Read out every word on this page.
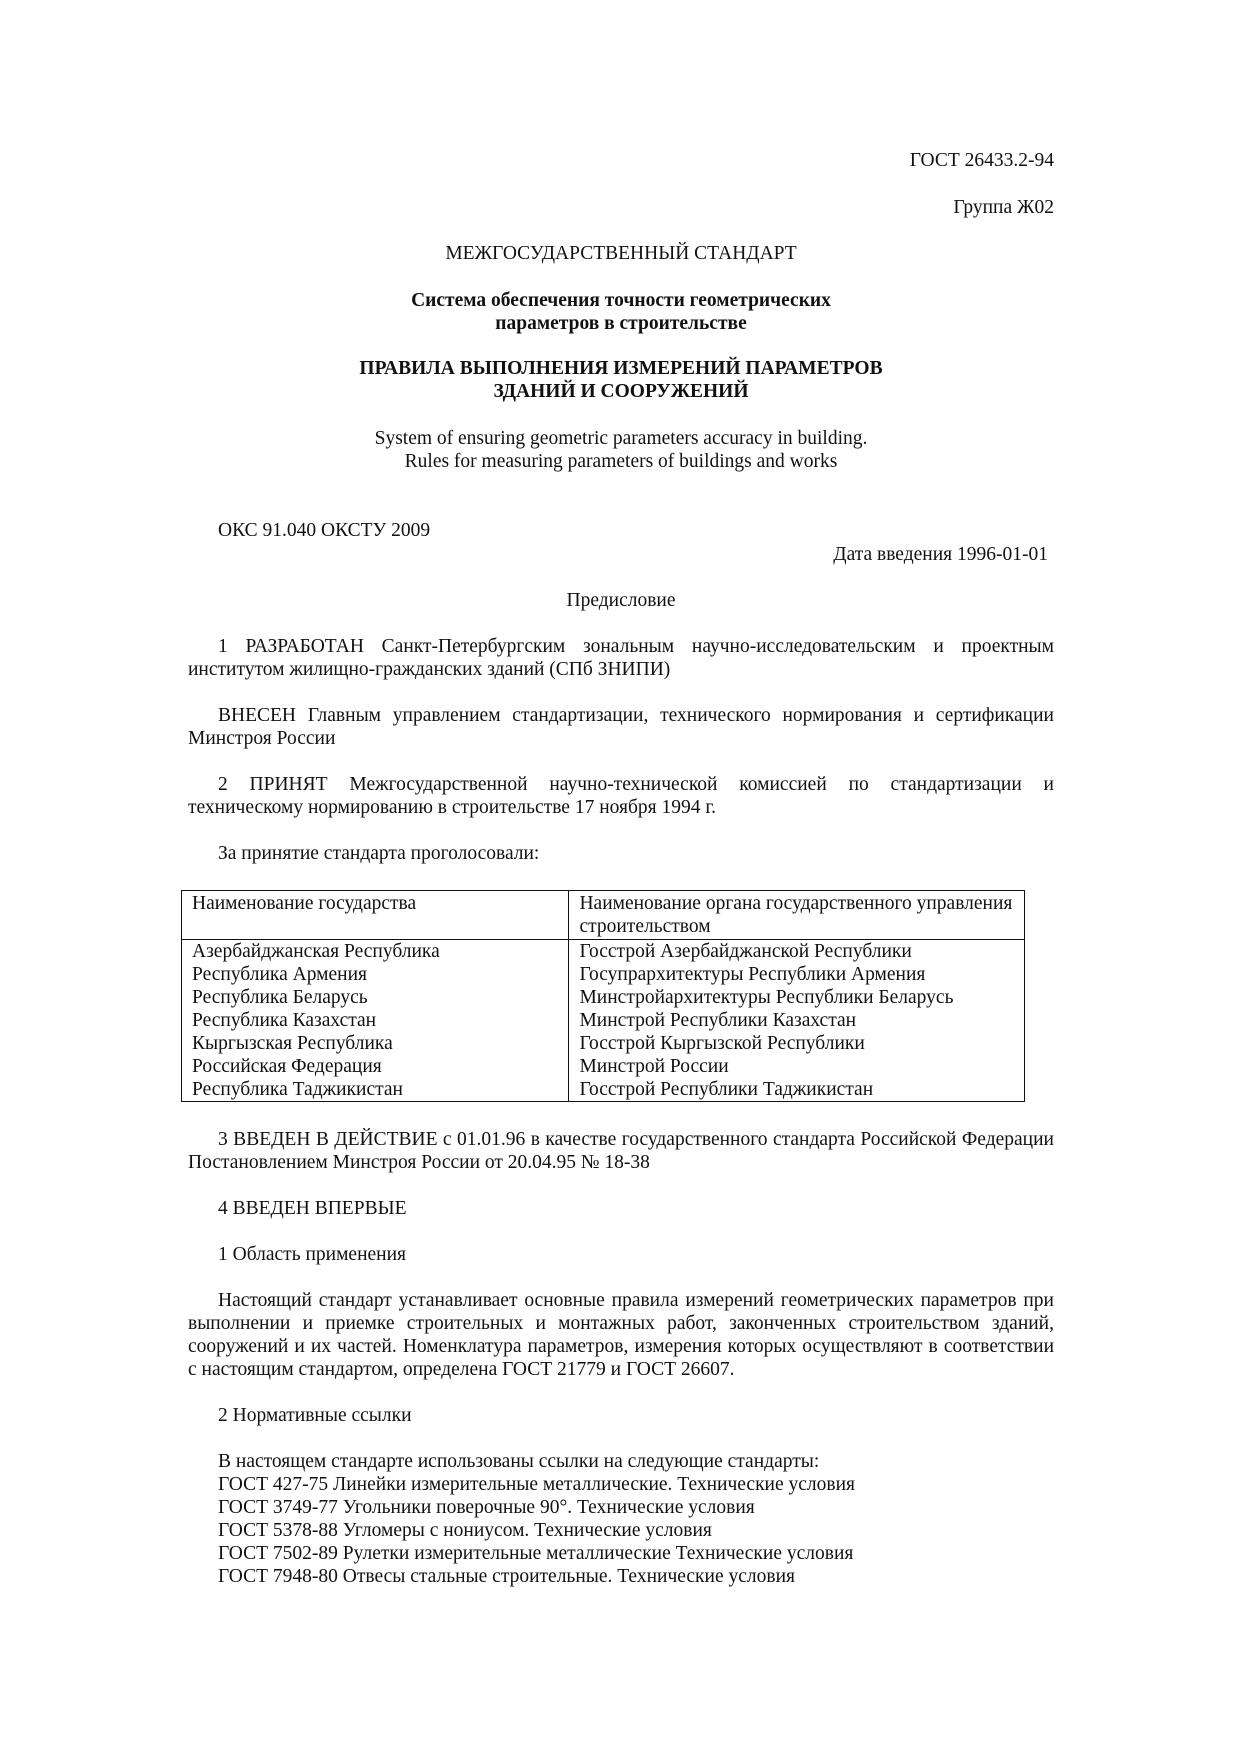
ГОСТ 26433.2-94
Группа Ж02
МЕЖГОСУДАРСТВЕННЫЙ СТАНДАРТ
Система обеспечения точности геометрических
параметров в строительстве
ПРАВИЛА ВЫПОЛНЕНИЯ ИЗМЕРЕНИЙ ПАРАМЕТРОВ
ЗДАНИЙ И СООРУЖЕНИЙ
System of ensuring geometric parameters accuracy in building.
Rules for measuring parameters of buildings and works
ОКС 91.040 ОКСТУ 2009
Дата введения 1996-01-01
Предисловие
1 РАЗРАБОТАН Санкт-Петербургским зональным научно-исследовательским и проектным институтом жилищно-гражданских зданий (СПб ЗНИПИ)
ВНЕСЕН Главным управлением стандартизации, технического нормирования и сертификации Минстроя России
2 ПРИНЯТ Межгосударственной научно-технической комиссией по стандартизации и техническому нормированию в строительстве 17 ноября 1994 г.
За принятие стандарта проголосовали:
Наименование государства	Наименование органа государственного управления строительством
Азербайджанская Республика	Госстрой Азербайджанской Республики
Республика Армения	Госупрархитектуры Республики Армения
Республика Беларусь	Минстройархитектуры Республики Беларусь
Республика Казахстан	Минстрой Республики Казахстан
Кыргызская Республика	Госстрой Кыргызской Республики
Российская Федерация	Минстрой России
Республика Таджикистан	Госстрой Республики Таджикистан
3 ВВЕДЕН В ДЕЙСТВИЕ с 01.01.96 в качестве государственного стандарта Российской Федерации Постановлением Минстроя России от 20.04.95 № 18-38
4 ВВЕДЕН ВПЕРВЫЕ
1 Область применения
Настоящий стандарт устанавливает основные правила измерений геометрических параметров при выполнении и приемке строительных и монтажных работ, законченных строительством зданий, сооружений и их частей. Номенклатура параметров, измерения которых осуществляют в соответствии с настоящим стандартом, определена ГОСТ 21779 и ГОСТ 26607.
2 Нормативные ссылки
В настоящем стандарте использованы ссылки на следующие стандарты:
ГОСТ 427-75 Линейки измерительные металлические. Технические условия
ГОСТ 3749-77 Угольники поверочные 90°. Технические условия
ГОСТ 5378-88 Угломеры с нониусом. Технические условия
ГОСТ 7502-89 Рулетки измерительные металлические Технические условия
ГОСТ 7948-80 Отвесы стальные строительные. Технические условия
